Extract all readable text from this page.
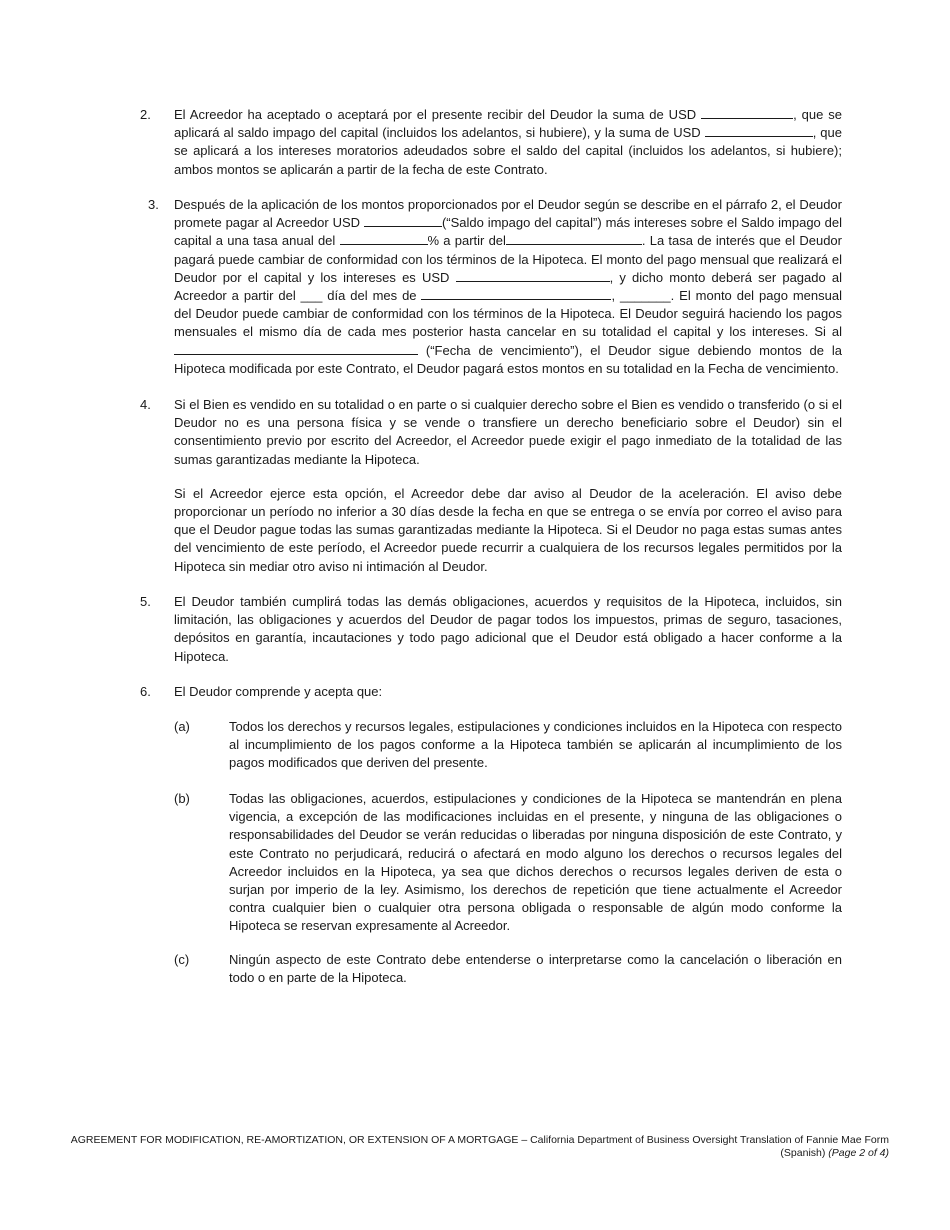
2.	El Acreedor ha aceptado o aceptará por el presente recibir del Deudor la suma de USD	, que se aplicará al saldo impago del capital (incluidos los adelantos, si hubiere), y la suma de USD	, que se aplicará a los intereses moratorios adeudados sobre el saldo del capital (incluidos los adelantos, si hubiere); ambos montos se aplicarán a partir de la fecha de este Contrato.
3.	Después de la aplicación de los montos proporcionados por el Deudor según se describe en el párrafo 2, el Deudor promete pagar al Acreedor USD	(“Saldo impago del capital”) más intereses sobre el Saldo impago del capital a una tasa anual del	% a partir del	. La tasa de interés que el Deudor pagará puede cambiar de conformidad con los términos de la Hipoteca. El monto del pago mensual que realizará el Deudor por el capital y los intereses es USD	, y dicho monto deberá ser pagado al Acreedor a partir del ___ día del mes de	, _______. El monto del pago mensual del Deudor puede cambiar de conformidad con los términos de la Hipoteca. El Deudor seguirá haciendo los pagos mensuales el mismo día de cada mes posterior hasta cancelar en su totalidad el capital y los intereses. Si al  (“Fecha de vencimiento”), el Deudor sigue debiendo montos de la Hipoteca modificada por este Contrato, el Deudor pagará estos montos en su totalidad en la Fecha de vencimiento.
4.	Si el Bien es vendido en su totalidad o en parte o si cualquier derecho sobre el Bien es vendido o transferido (o si el Deudor no es una persona física y se vende o transfiere un derecho beneficiario sobre el Deudor) sin el consentimiento previo por escrito del Acreedor, el Acreedor puede exigir el pago inmediato de la totalidad de las sumas garantizadas mediante la Hipoteca.

Si el Acreedor ejerce esta opción, el Acreedor debe dar aviso al Deudor de la aceleración. El aviso debe proporcionar un período no inferior a 30 días desde la fecha en que se entrega o se envía por correo el aviso para que el Deudor pague todas las sumas garantizadas mediante la Hipoteca. Si el Deudor no paga estas sumas antes del vencimiento de este período, el Acreedor puede recurrir a cualquiera de los recursos legales permitidos por la Hipoteca sin mediar otro aviso ni intimación al Deudor.

5.	El Deudor también cumplirá todas las demás obligaciones, acuerdos y requisitos de la Hipoteca, incluidos, sin limitación, las obligaciones y acuerdos del Deudor de pagar todos los impuestos, primas de seguro, tasaciones, depósitos en garantía, incautaciones y todo pago adicional que el Deudor está obligado a hacer conforme a la Hipoteca.

6.	El Deudor comprende y acepta que:

(a)	Todos los derechos y recursos legales, estipulaciones y condiciones incluidos en la Hipoteca con respecto al incumplimiento de los pagos conforme a la Hipoteca también se aplicarán al incumplimiento de los pagos modificados que deriven del presente.
(b)	Todas las obligaciones, acuerdos, estipulaciones y condiciones de la Hipoteca se mantendrán en plena vigencia, a excepción de las modificaciones incluidas en el presente, y ninguna de las obligaciones o responsabilidades del Deudor se verán reducidas o liberadas por ninguna disposición de este Contrato, y este Contrato no perjudicará, reducirá o afectará en modo alguno los derechos o recursos legales del Acreedor incluidos en la Hipoteca, ya sea que dichos derechos o recursos legales deriven de esta o surjan por imperio de la ley. Asimismo, los derechos de repetición que tiene actualmente el Acreedor contra cualquier bien o cualquier otra persona obligada o responsable de algún modo conforme la Hipoteca se reservan expresamente al Acreedor.
(c)	Ningún aspecto de este Contrato debe entenderse o interpretarse como la cancelación o liberación en todo o en parte de la Hipoteca.
AGREEMENT FOR MODIFICATION, RE-AMORTIZATION, OR EXTENSION OF A MORTGAGE – California Department of Business Oversight Translation of Fannie Mae Form
(Spanish) (Page 2 of 4)
